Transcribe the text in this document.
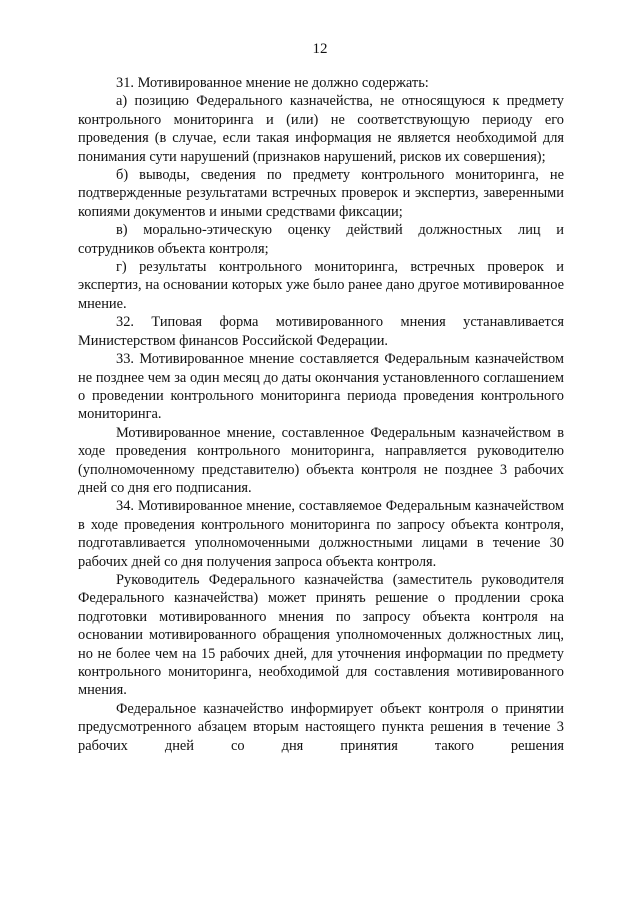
12

31. Мотивированное мнение не должно содержать:

а) позицию Федерального казначейства, не относящуюся к предмету контрольного мониторинга и (или) не соответствующую периоду его проведения (в случае, если такая информация не является необходимой для понимания сути нарушений (признаков нарушений, рисков их совершения);

б) выводы, сведения по предмету контрольного мониторинга, не подтвержденные результатами встречных проверок и экспертиз, заверенными копиями документов и иными средствами фиксации;

в) морально-этическую оценку действий должностных лиц и сотрудников объекта контроля;

г) результаты контрольного мониторинга, встречных проверок и экспертиз, на основании которых уже было ранее дано другое мотивированное мнение.

32. Типовая форма мотивированного мнения устанавливается Министерством финансов Российской Федерации.

33. Мотивированное мнение составляется Федеральным казначейством не позднее чем за один месяц до даты окончания установленного соглашением о проведении контрольного мониторинга периода проведения контрольного мониторинга.

Мотивированное мнение, составленное Федеральным казначейством в ходе проведения контрольного мониторинга, направляется руководителю (уполномоченному представителю) объекта контроля не позднее 3 рабочих дней со дня его подписания.

34. Мотивированное мнение, составляемое Федеральным казначейством в ходе проведения контрольного мониторинга по запросу объекта контроля, подготавливается уполномоченными должностными лицами в течение 30 рабочих дней со дня получения запроса объекта контроля.

Руководитель Федерального казначейства (заместитель руководителя Федерального казначейства) может принять решение о продлении срока подготовки мотивированного мнения по запросу объекта контроля на основании мотивированного обращения уполномоченных должностных лиц, но не более чем на 15 рабочих дней, для уточнения информации по предмету контрольного мониторинга, необходимой для составления мотивированного мнения.

Федеральное казначейство информирует объект контроля о принятии предусмотренного абзацем вторым настоящего пункта решения в течение 3 рабочих дней со дня принятия такого решения
